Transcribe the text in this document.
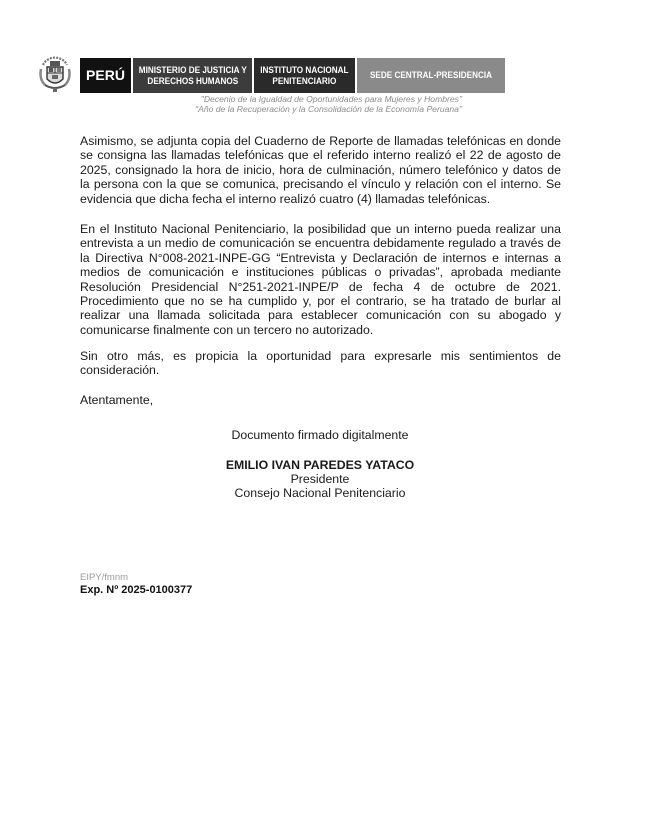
PERÚ MINISTERIO DE JUSTICIA Y
DERECHOS HUMANOS
INSTITUTO NACIONAL
PENITENCIARIO	SEDE CENTRAL-PRESIDENCIA
"Decenio de la Igualdad de Oportunidades para Mujeres y Hombres"
"Año de la Recuperación y la Consolidación de la Economía Peruana"
Asimismo, se adjunta copia del Cuaderno de Reporte de llamadas telefónicas en donde se consigna las llamadas telefónicas que el referido interno realizó el 22 de agosto de 2025, consignado la hora de inicio, hora de culminación, número telefónico y datos de la persona con la que se comunica, precisando el vínculo y relación con el interno. Se evidencia que dicha fecha el interno realizó cuatro (4) llamadas telefónicas.
En el Instituto Nacional Penitenciario, la posibilidad que un interno pueda realizar una entrevista a un medio de comunicación se encuentra debidamente regulado a través de la Directiva N°008-2021-INPE-GG “Entrevista y Declaración de internos e internas a medios de comunicación e instituciones públicas o privadas”, aprobada mediante Resolución Presidencial N°251-2021-INPE/P de fecha 4 de octubre de 2021. Procedimiento que no se ha cumplido y, por el contrario, se ha tratado de burlar al realizar una llamada solicitada para establecer comunicación con su abogado y comunicarse finalmente con un tercero no autorizado.
Sin otro más, es propicia la oportunidad para expresarle mis sentimientos de consideración.
Atentamente,
Documento firmado digitalmente
EMILIO IVAN PAREDES YATACO
Presidente
Consejo Nacional Penitenciario
EIPY/fmnm
Exp. Nº 2025-0100377
